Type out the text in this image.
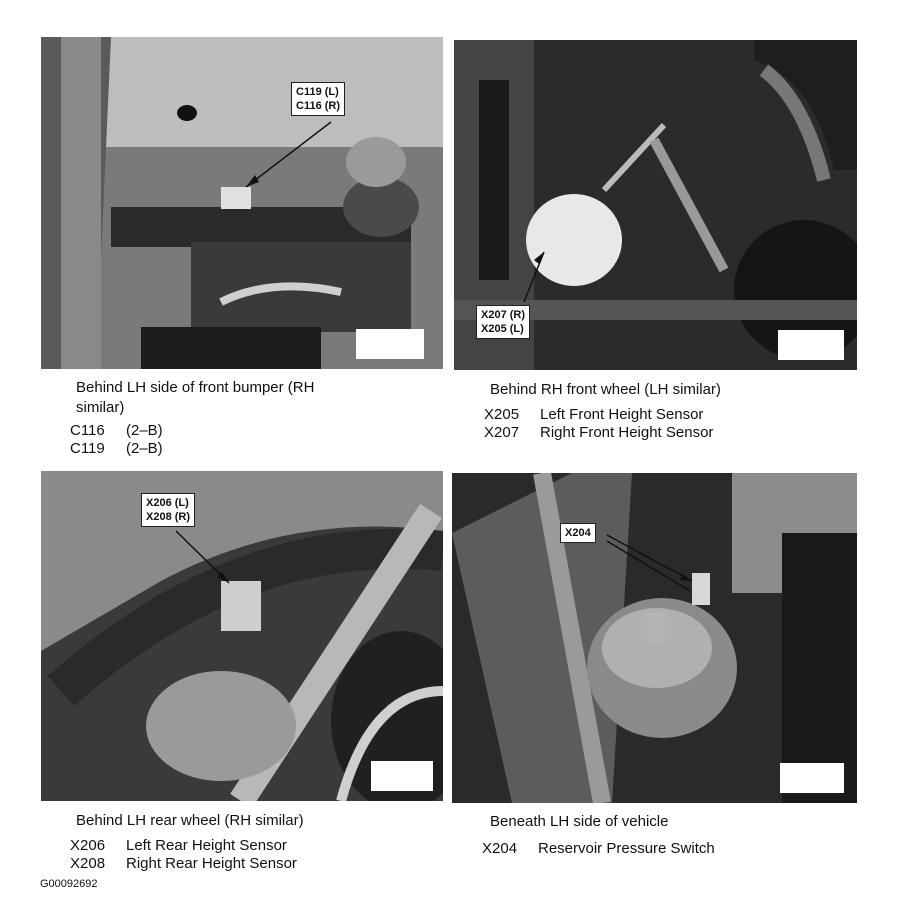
C119 (L)
C116 (R)
Behind LH side of front bumper (RH
similar)
C116	(2–B)
C119	(2–B)
X207 (R)
X205 (L)
Behind RH front wheel (LH similar)
X205	Left Front Height Sensor
X207	Right Front Height Sensor
X206 (L)
X208 (R)
Behind LH rear wheel (RH similar)
X206	Left Rear Height Sensor
X208	Right Rear Height Sensor
X204
Beneath LH side of vehicle
X204	Reservoir Pressure Switch
G00092692
